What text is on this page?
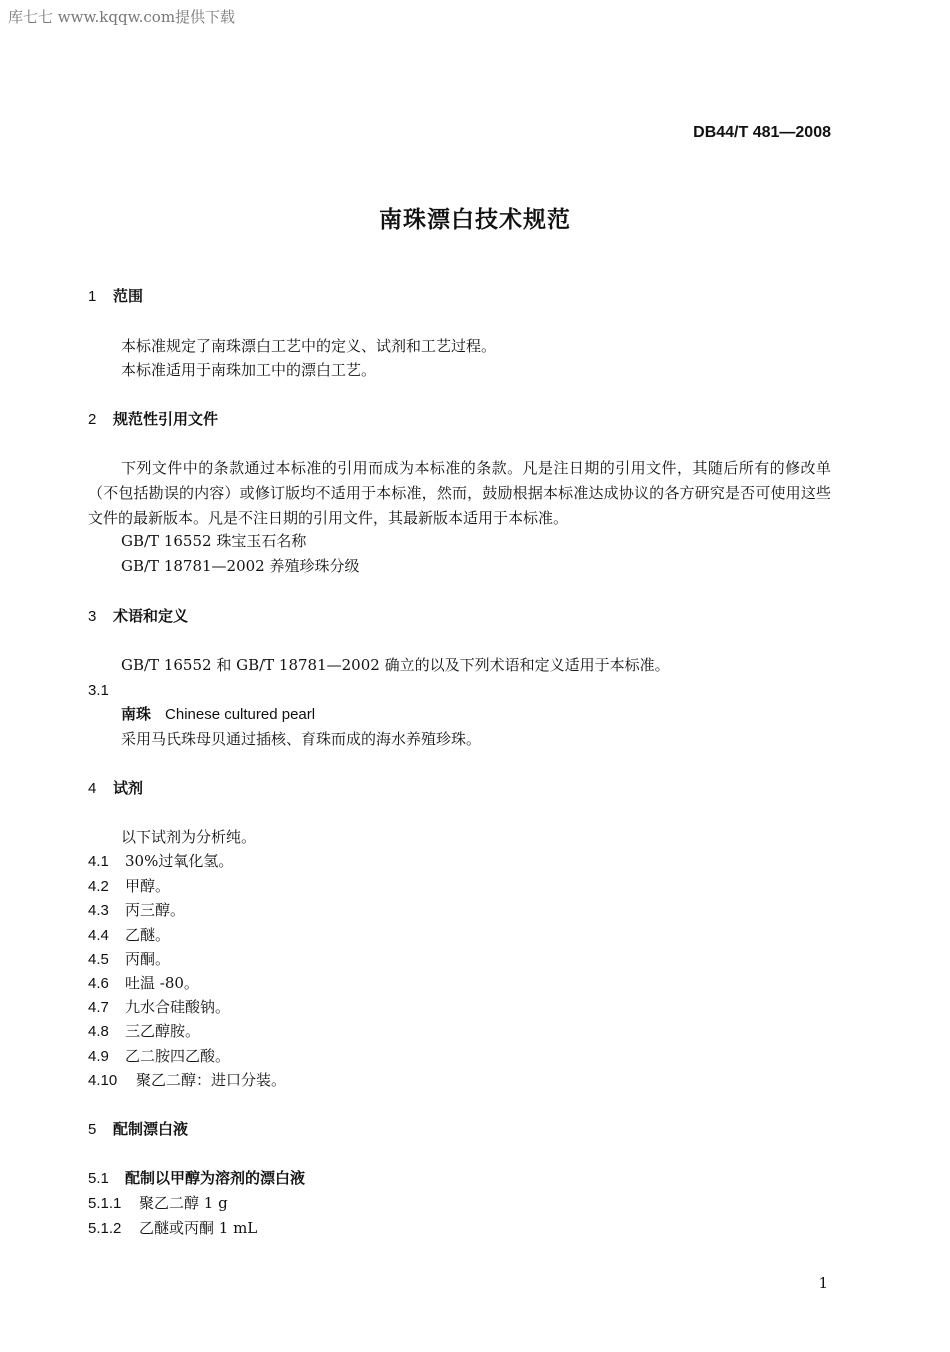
库七七 www.kqqw.com提供下载
DB44/T 481—2008
南珠漂白技术规范
1 范围
本标准规定了南珠漂白工艺中的定义、试剂和工艺过程。
本标准适用于南珠加工中的漂白工艺。
2 规范性引用文件
下列文件中的条款通过本标准的引用而成为本标准的条款。凡是注日期的引用文件，其随后所有的修改单（不包括勘误的内容）或修订版均不适用于本标准，然而，鼓励根据本标准达成协议的各方研究是否可使用这些文件的最新版本。凡是不注日期的引用文件，其最新版本适用于本标准。
GB/T 16552 珠宝玉石名称
GB/T 18781—2002 养殖珍珠分级
3 术语和定义
GB/T 16552 和 GB/T 18781—2002 确立的以及下列术语和定义适用于本标准。
3.1
南珠 Chinese cultured pearl
采用马氏珠母贝通过插核、育珠而成的海水养殖珍珠。
4 试剂
以下试剂为分析纯。
4.1 30%过氧化氢。
4.2 甲醇。
4.3 丙三醇。
4.4 乙醚。
4.5 丙酮。
4.6 吐温 -80。
4.7 九水合硅酸钠。
4.8 三乙醇胺。
4.9 乙二胺四乙酸。
4.10 聚乙二醇：进口分装。
5 配制漂白液
5.1 配制以甲醇为溶剂的漂白液
5.1.1 聚乙二醇 1 g
5.1.2 乙醚或丙酮 1 mL
1
